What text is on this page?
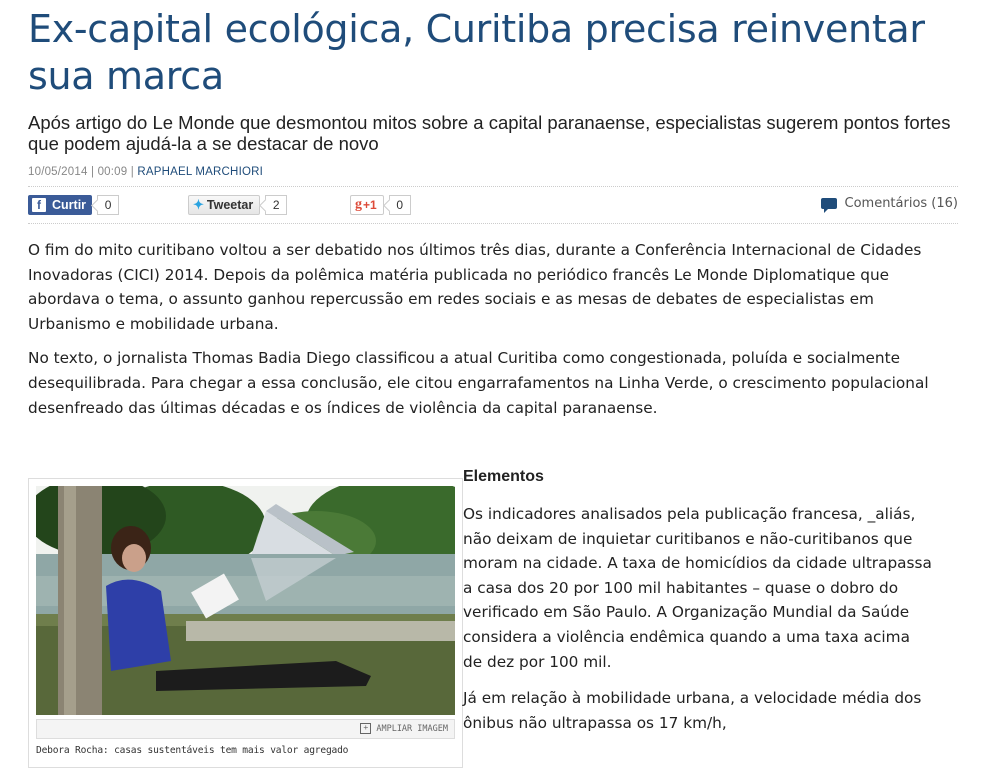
Ex-capital ecológica, Curitiba precisa reinventar sua marca

Após artigo do Le Monde que desmontou mitos sobre a capital paranaense, especialistas sugerem pontos fortes que podem ajudá-la a se destacar de novo

10/05/2014 | 00:09 | RAPHAEL MARCHIORI
f Curtir	0	✦ Tweetar	2	g +1	0	Comentários (16)

O fim do mito curitibano voltou a ser debatido nos últimos três dias, durante a Conferência Internacional de Cidades Inovadoras (CICI) 2014. Depois da polêmica matéria publicada no periódico francês Le Monde Diplomatique que abordava o tema, o assunto ganhou repercussão em redes sociais e as mesas de debates de especialistas em Urbanismo e mobilidade urbana.

No texto, o jornalista Thomas Badia Diego classificou a atual Curitiba como congestionada, poluída e socialmente desequilibrada. Para chegar a essa conclusão, ele citou engarrafamentos na Linha Verde, o crescimento populacional desenfreado das últimas décadas e os índices de violência da capital paranaense.

+ AMPLIAR IMAGEM
Debora Rocha: casas sustentáveis tem mais valor agregado
Elementos

Os indicadores analisados pela publicação francesa, _aliás, não deixam de inquietar curitibanos e não-curitibanos que moram na cidade. A taxa de homicídios da cidade ultrapassa a casa dos 20 por 100 mil habitantes – quase o dobro do verificado em São Paulo. A Organização Mundial da Saúde considera a violência endêmica quando a uma taxa acima de dez por 100 mil.

Já em relação à mobilidade urbana, a velocidade média dos ônibus não ultrapassa os 17 km/h,
